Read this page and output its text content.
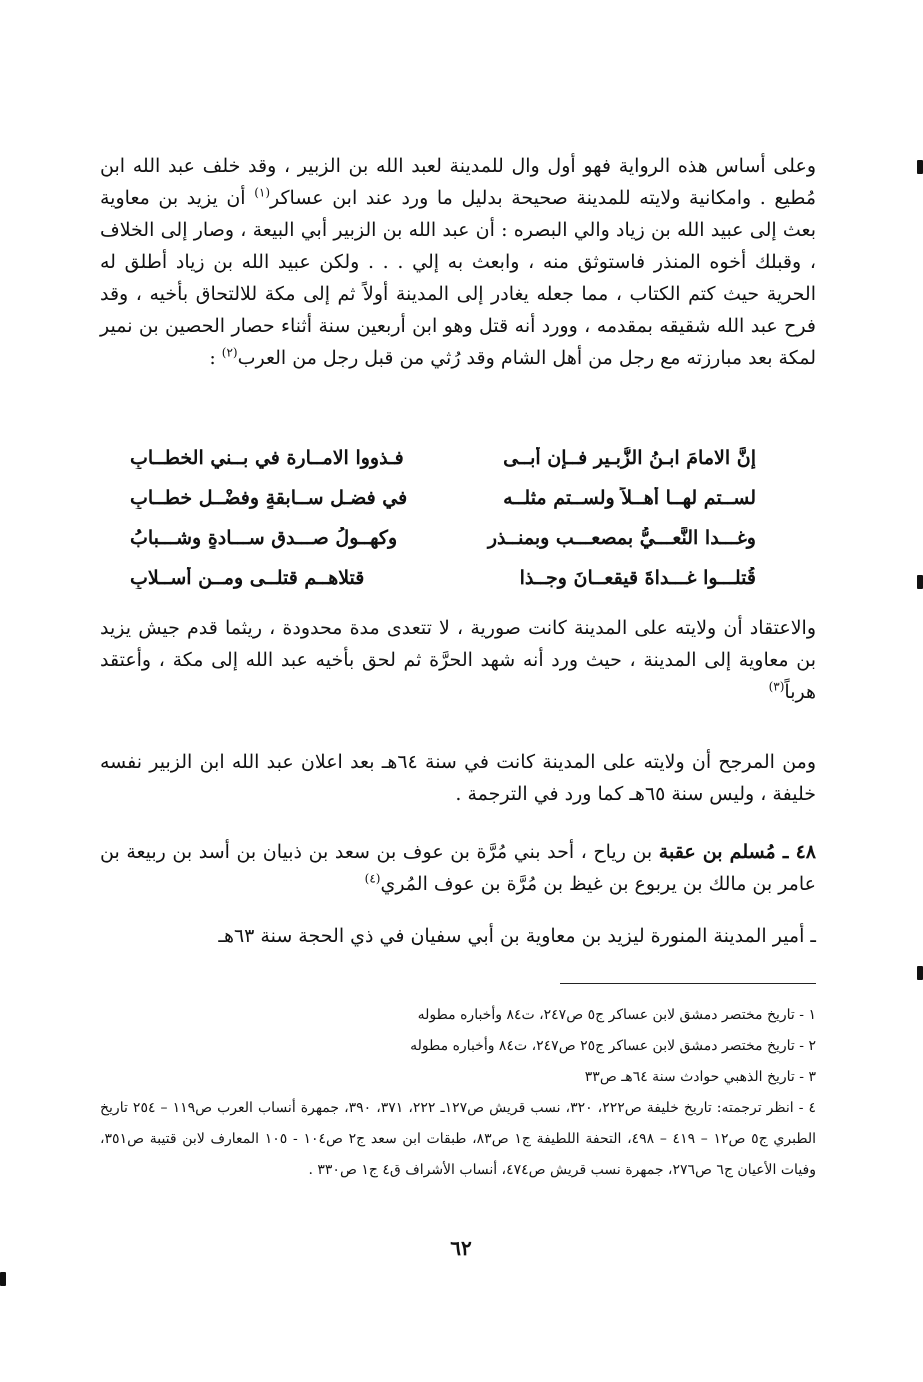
وعلى أساس هذه الرواية فهو أول وال للمدينة لعبد الله بن الزبير ، وقد خلف عبد الله ابن مُطيع . وامكانية ولايته للمدينة صحيحة بدليل ما ورد عند ابن عساكر$^{(١)}$ أن يزيد بن معاوية بعث إلى عبيد الله بن زياد والي البصره : أن عبد الله بن الزبير أبي البيعة ، وصار إلى الخلاف ، وقبلك أخوه المنذر فاستوثق منه ، وابعث به إلي . . . ولكن عبيد الله بن زياد أطلق له الحرية حيث كتم الكتاب ، مما جعله يغادر إلى المدينة أولاً ثم إلى مكة للالتحاق بأخيه ، وقد فرح عبد الله شقيقه بمقدمه ، وورد أنه قتل وهو ابن أربعين سنة أثناء حصار الحصين بن نمير لمكة بعد مبارزته مع رجل من أهل الشام وقد رُثي من قبل رجل من العرب$^{(٢)}$ :

إنَّ الامامَ ابـنُ الزُّبـير فــإن أبــى
فـذووا الامــارة في بــني الخطــابِ
لســتم لهــا أهــلاً ولســتم مثلــه
في فضـل ســابقةٍ وفضْــل خطــابِ
وغـــدا النَّعـــيُّ بمصعـــب وبمنــذر
وكهــولُ صـــدق ســـادةٍ وشـــبابُ
قُتلـــوا غـــداةَ قيقعــانَ وجــذا
قتلاهــم قتلــى ومــن أســلابِ

والاعتقاد أن ولايته على المدينة كانت صورية ، لا تتعدى مدة محدودة ، ريثما قدم جيش يزيد بن معاوية إلى المدينة ، حيث ورد أنه شهد الحرَّة ثم لحق بأخيه عبد الله إلى مكة ، وأعتقد هرباً$^{(٣)}$

ومن المرجح أن ولايته على المدينة كانت في سنة ٦٤هـ بعد اعلان عبد الله ابن الزبير نفسه خليفة ، وليس سنة ٦٥هـ كما ورد في الترجمة .

٤٨ ـ مُسلم بن عقبة بن رياح ، أحد بني مُرَّة بن عوف بن سعد بن ذبيان بن أسد بن ربيعة بن عامر بن مالك بن يربوع بن غيظ بن مُرَّة بن عوف المُري$^{(٤)}$

ـ أمير المدينة المنورة ليزيد بن معاوية بن أبي سفيان في ذي الحجة سنة ٦٣هـ

١ - تاريخ مختصر دمشق لابن عساكر ج٥ ص٢٤٧، ت٨٤ وأخباره مطوله

٢ - تاريخ مختصر دمشق لابن عساكر ج٢٥ ص٢٤٧، ت٨٤ وأخباره مطوله

٣ - تاريخ الذهبي حوادث سنة ٦٤هـ ص٣٣

٤ - انظر ترجمته: تاريخ خليفة ص٢٢٢، ٣٢٠، نسب قريش ص١٢٧ـ ٢٢٢، ٣٧١، ٣٩٠، جمهرة أنساب العرب ص١١٩ – ٢٥٤ تاريخ الطبري ج٥ ص١٢ – ٤١٩ – ٤٩٨، التحفة اللطيفة ج١ ص٨٣، طبقات ابن سعد ج٢ ص١٠٤ - ١٠٥ المعارف لابن قتيبة ص٣٥١، وفيات الأعيان ج٦ ص٢٧٦، جمهرة نسب قريش ص٤٧٤، أنساب الأشراف ق٤ ج١ ص٣٣٠ .

٦٢
